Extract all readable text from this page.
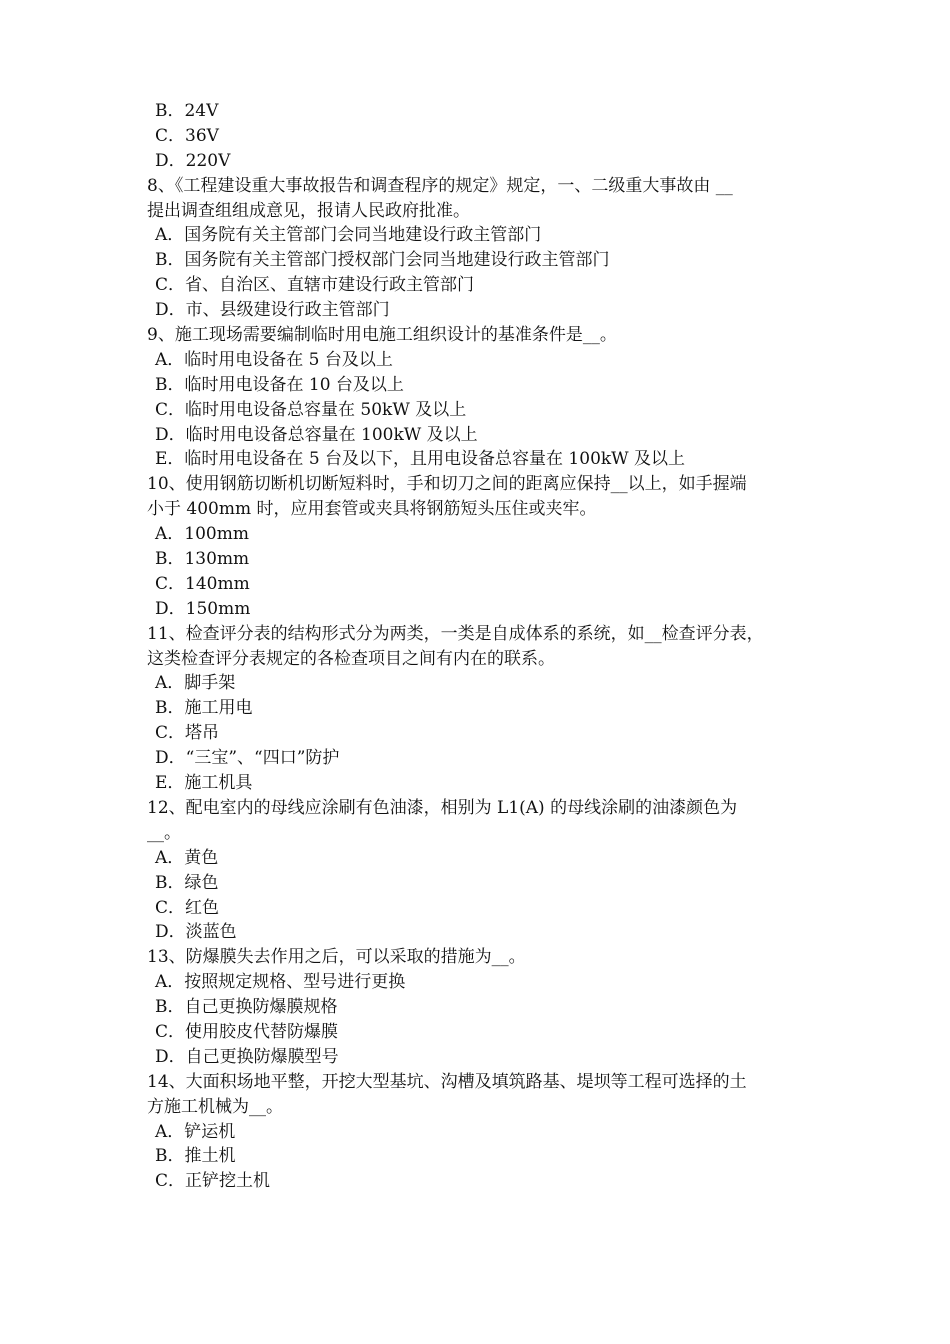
B．24V
C．36V
D．220V
8、《工程建设重大事故报告和调查程序的规定》规定，一、二级重大事故由 __
提出调查组组成意见，报请人民政府批准。
A．国务院有关主管部门会同当地建设行政主管部门
B．国务院有关主管部门授权部门会同当地建设行政主管部门
C．省、自治区、直辖市建设行政主管部门
D．市、县级建设行政主管部门
9、施工现场需要编制临时用电施工组织设计的基准条件是__。
A．临时用电设备在 5 台及以上
B．临时用电设备在 10 台及以上
C．临时用电设备总容量在 50kW 及以上
D．临时用电设备总容量在 100kW 及以上
E．临时用电设备在 5 台及以下，且用电设备总容量在 100kW 及以上
10、使用钢筋切断机切断短料时，手和切刀之间的距离应保持__以上，如手握端
小于 400mm 时，应用套管或夹具将钢筋短头压住或夹牢。
A．100mm
B．130mm
C．140mm
D．150mm
11、检查评分表的结构形式分为两类，一类是自成体系的系统，如__检查评分表，
这类检查评分表规定的各检查项目之间有内在的联系。
A．脚手架
B．施工用电
C．塔吊
D．“三宝”、“四口”防护
E．施工机具
12、配电室内的母线应涂刷有色油漆，相别为 L1(A) 的母线涂刷的油漆颜色为
__。
A．黄色
B．绿色
C．红色
D．淡蓝色
13、防爆膜失去作用之后，可以采取的措施为__。
A．按照规定规格、型号进行更换
B．自己更换防爆膜规格
C．使用胶皮代替防爆膜
D．自己更换防爆膜型号
14、大面积场地平整，开挖大型基坑、沟槽及填筑路基、堤坝等工程可选择的土
方施工机械为__。
A．铲运机
B．推土机
C．正铲挖土机
